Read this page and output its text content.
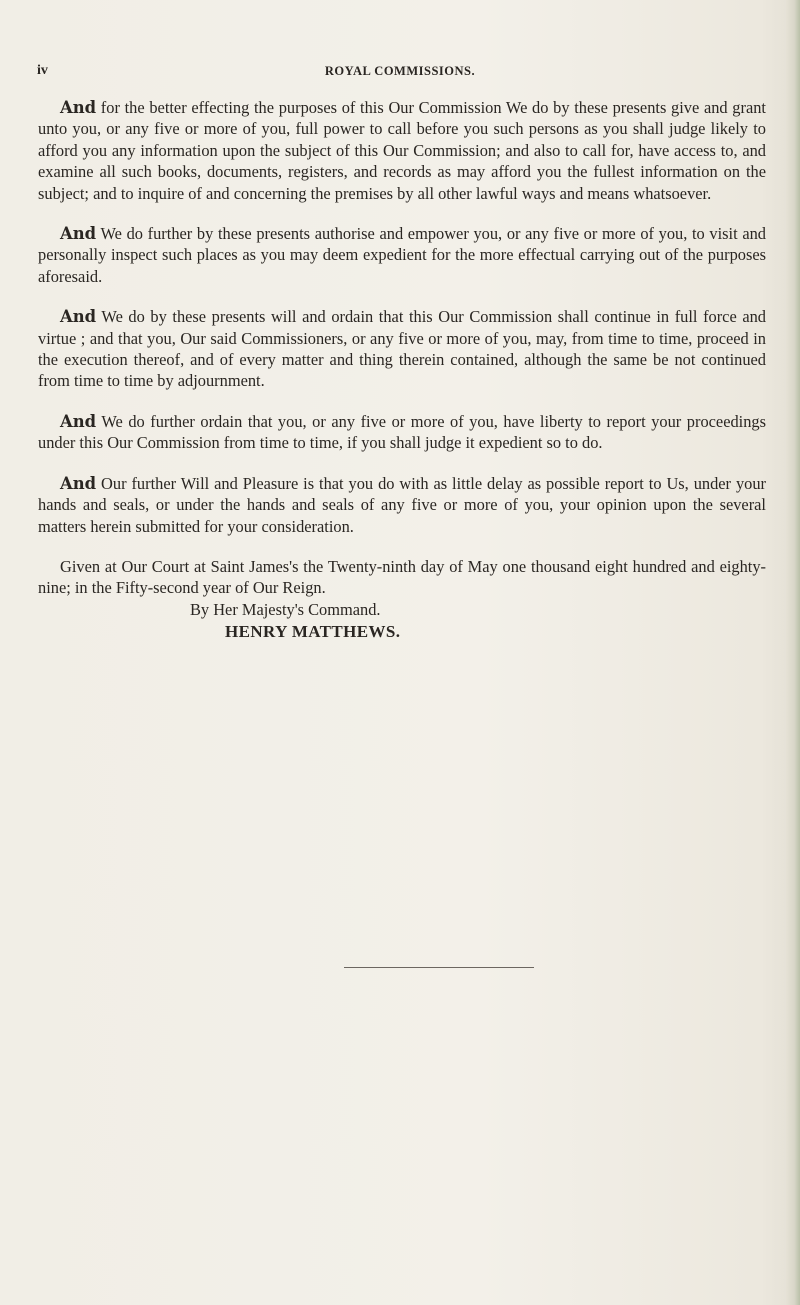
iv	ROYAL COMMISSIONS.

And for the better effecting the purposes of this Our Commission We do by these presents give and grant unto you, or any five or more of you, full power to call before you such persons as you shall judge likely to afford you any information upon the subject of this Our Commission; and also to call for, have access to, and examine all such books, documents, registers, and records as may afford you the fullest information on the subject; and to inquire of and concerning the premises by all other lawful ways and means whatsoever.

And We do further by these presents authorise and empower you, or any five or more of you, to visit and personally inspect such places as you may deem expedient for the more effectual carrying out of the purposes aforesaid.

And We do by these presents will and ordain that this Our Commission shall continue in full force and virtue ; and that you, Our said Commissioners, or any five or more of you, may, from time to time, proceed in the execution thereof, and of every matter and thing therein contained, although the same be not continued from time to time by adjournment.

And We do further ordain that you, or any five or more of you, have liberty to report your proceedings under this Our Commission from time to time, if you shall judge it expedient so to do.

And Our further Will and Pleasure is that you do with as little delay as possible report to Us, under your hands and seals, or under the hands and seals of any five or more of you, your opinion upon the several matters herein submitted for your consideration.

Given at Our Court at Saint James's the Twenty-ninth day of May one thousand eight hundred and eighty-nine; in the Fifty-second year of Our Reign.

By Her Majesty's Command.

HENRY MATTHEWS.
